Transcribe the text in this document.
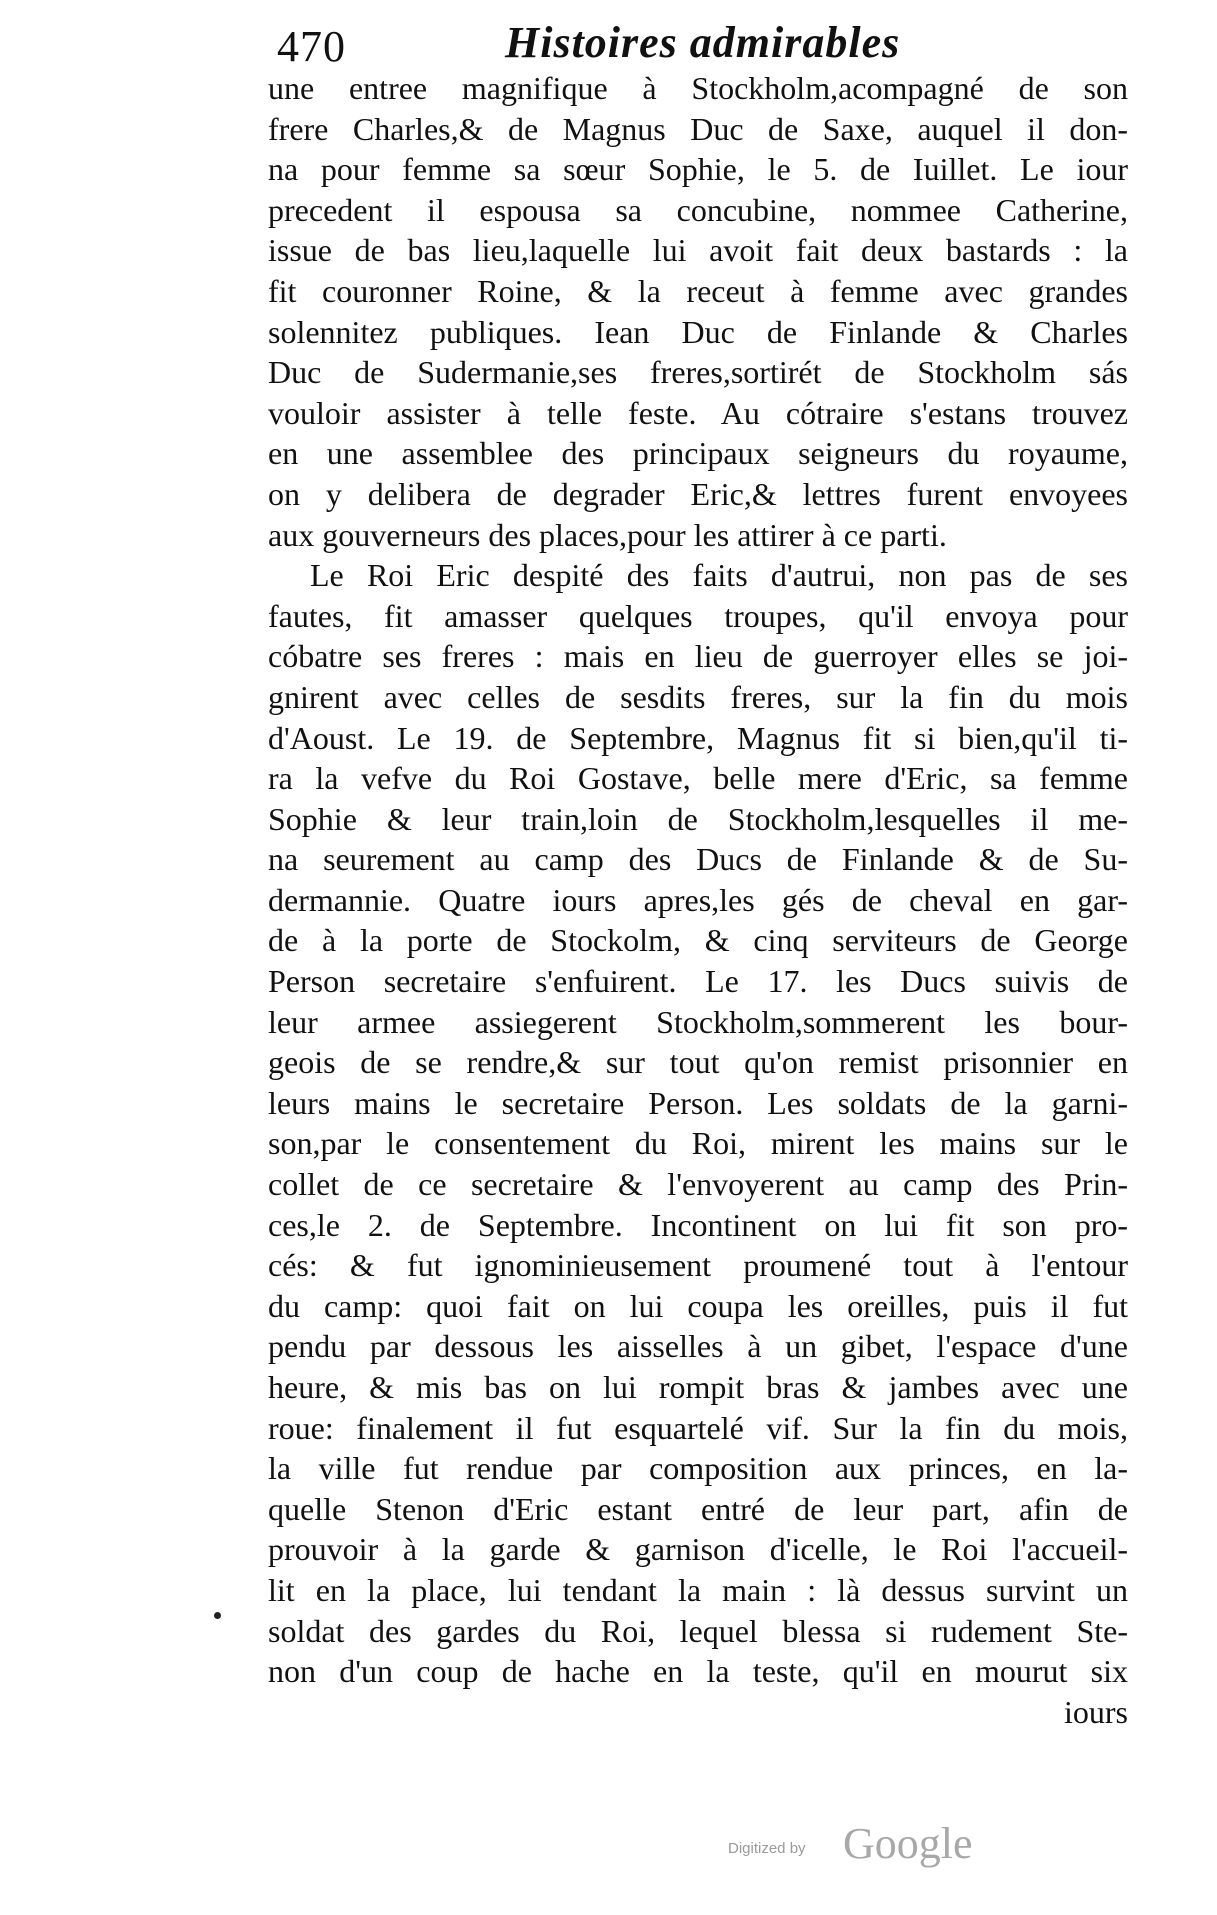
470	Histoires admirables
une entree magnifique à Stockholm,acompagné de son
frere Charles,& de Magnus Duc de Saxe, auquel il don-
na pour femme sa sœur Sophie, le 5. de Iuillet. Le iour
precedent il espousa sa concubine, nommee Catherine,
issue de bas lieu,laquelle lui avoit fait deux bastards : la
fit couronner Roine, & la receut à femme avec grandes
solennitez publiques. Iean Duc de Finlande & Charles
Duc de Sudermanie,ses freres,sortirét de Stockholm sás
vouloir assister à telle feste. Au cótraire s'estans trouvez
en une assemblee des principaux seigneurs du royaume,
on y delibera de degrader Eric,& lettres furent envoyees
aux gouverneurs des places,pour les attirer à ce parti.
Le Roi Eric despité des faits d'autrui, non pas de ses
fautes, fit amasser quelques troupes, qu'il envoya pour
cóbatre ses freres : mais en lieu de guerroyer elles se joi-
gnirent avec celles de sesdits freres, sur la fin du mois
d'Aoust. Le 19. de Septembre, Magnus fit si bien,qu'il ti-
ra la vefve du Roi Gostave, belle mere d'Eric, sa femme
Sophie & leur train,loin de Stockholm,lesquelles il me-
na seurement au camp des Ducs de Finlande & de Su-
dermannie. Quatre iours apres,les gés de cheval en gar-
de à la porte de Stockolm, & cinq serviteurs de George
Person secretaire s'enfuirent. Le 17. les Ducs suivis de
leur armee assiegerent Stockholm,sommerent les bour-
geois de se rendre,& sur tout qu'on remist prisonnier en
leurs mains le secretaire Person. Les soldats de la garni-
son,par le consentement du Roi, mirent les mains sur le
collet de ce secretaire & l'envoyerent au camp des Prin-
ces,le 2. de Septembre. Incontinent on lui fit son pro-
cés: & fut ignominieusement proumené tout à l'entour
du camp: quoi fait on lui coupa les oreilles, puis il fut
pendu par dessous les aisselles à un gibet, l'espace d'une
heure, & mis bas on lui rompit bras & jambes avec une
roue: finalement il fut esquartelé vif. Sur la fin du mois,
la ville fut rendue par composition aux princes, en la-
quelle Stenon d'Eric estant entré de leur part, afin de
prouvoir à la garde & garnison d'icelle, le Roi l'accueil-
lit en la place, lui tendant la main : là dessus survint un
soldat des gardes du Roi, lequel blessa si rudement Ste-
non d'un coup de hache en la teste, qu'il en mourut six
iours
Digitized by Google
